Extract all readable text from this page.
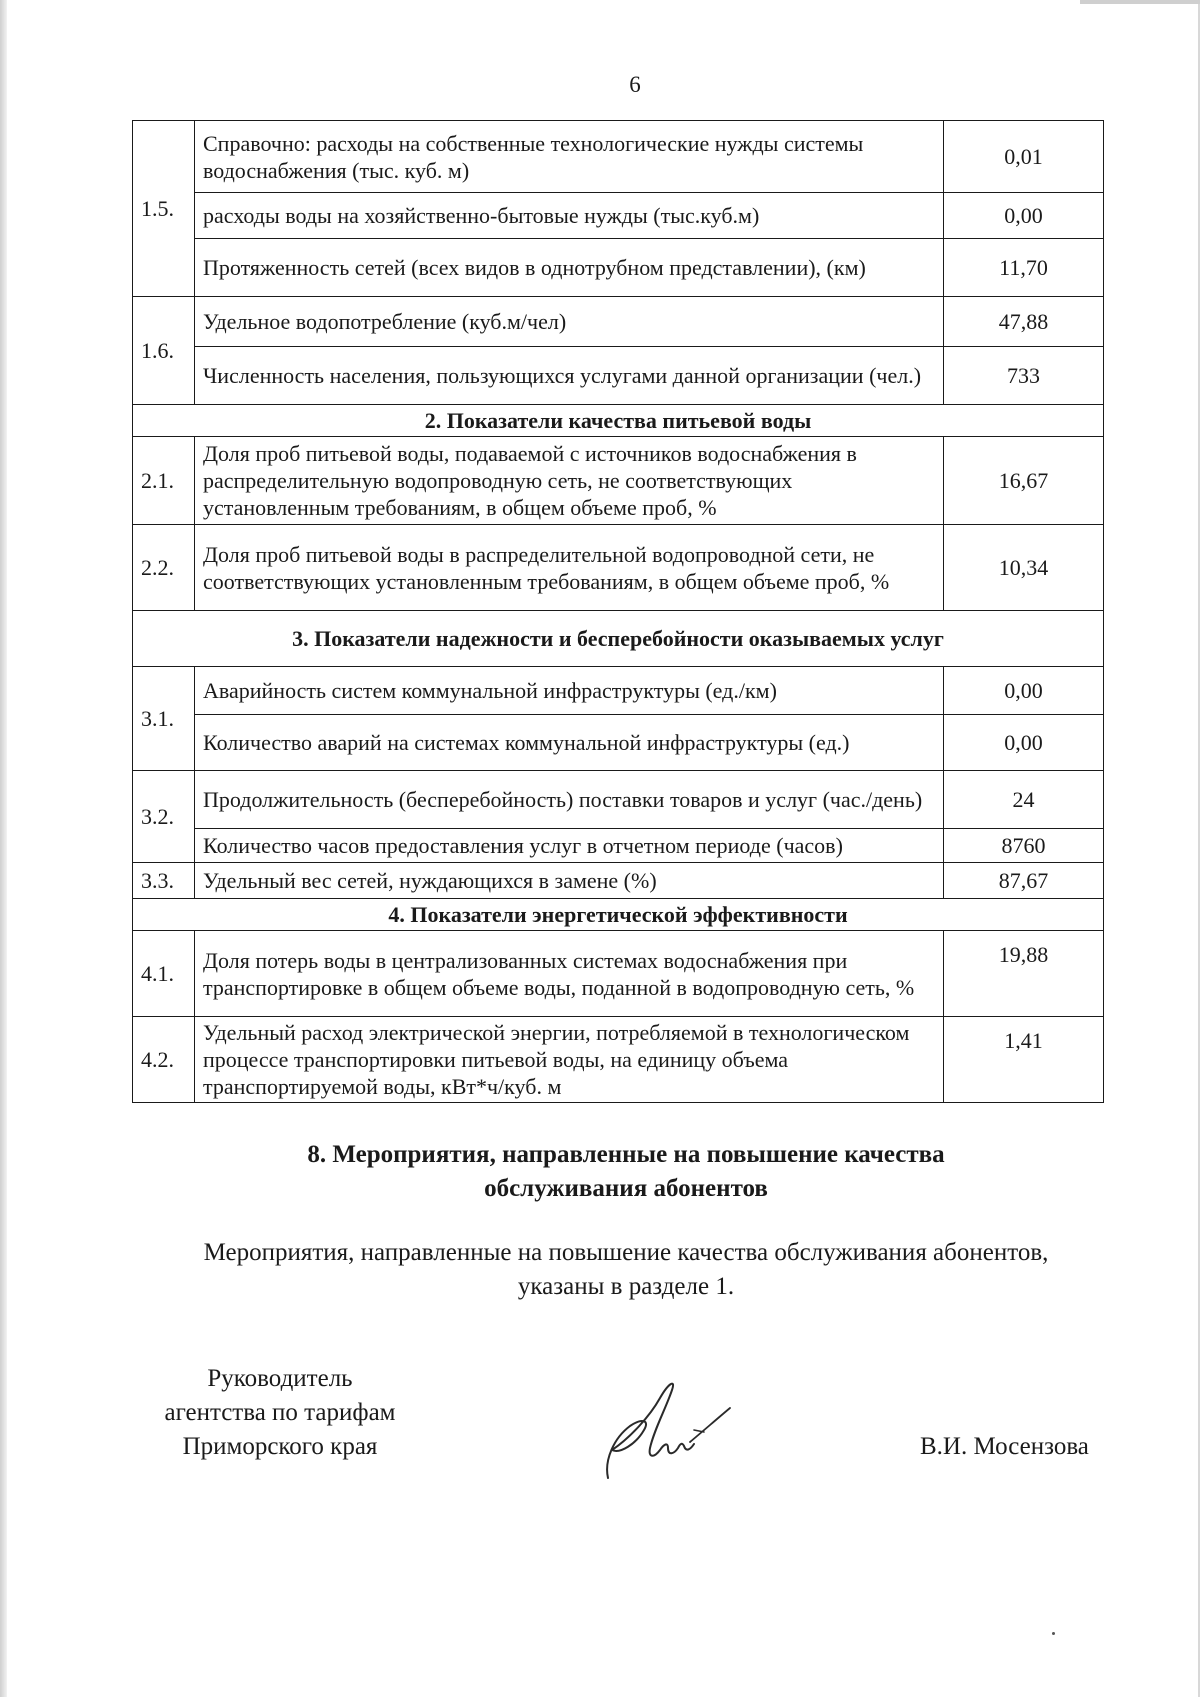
6
1.5.	Справочно: расходы на собственные технологические нужды системы водоснабжения (тыс. куб. м)	0,01
	расходы воды на хозяйственно-бытовые нужды (тыс.куб.м)	0,00
	Протяженность сетей (всех видов в однотрубном представлении), (км)	11,70
1.6.	Удельное водопотребление (куб.м/чел)	47,88
	Численность населения, пользующихся услугами данной организации (чел.)	733
2. Показатели качества питьевой воды		
2.1.	Доля проб питьевой воды, подаваемой с источников водоснабжения в распределительную водопроводную сеть, не соответствующих установленным требованиям, в общем объеме проб, %	16,67
2.2.	Доля проб питьевой воды в распределительной водопроводной сети, не соответствующих установленным требованиям, в общем объеме проб, %	10,34
3. Показатели надежности и бесперебойности оказываемых услуг		
3.1.	Аварийность систем коммунальной инфраструктуры (ед./км)	0,00
	Количество аварий на системах коммунальной инфраструктуры (ед.)	0,00
3.2.	Продолжительность (бесперебойность) поставки товаров и услуг (час./день)	24
	Количество часов предоставления услуг в отчетном периоде (часов)	8760
3.3.	Удельный вес сетей, нуждающихся в замене (%)	87,67
4. Показатели энергетической эффективности		
4.1.	Доля потерь воды в централизованных системах водоснабжения при транспортировке в общем объеме воды, поданной в водопроводную сеть, %	19,88
4.2.	Удельный расход электрической энергии, потребляемой в технологическом процессе транспортировки питьевой воды, на единицу объема транспортируемой воды, кВт*ч/куб. м	1,41
8. Мероприятия, направленные на повышение качества
обслуживания абонентов
Мероприятия, направленные на повышение качества обслуживания абонентов,
указаны в разделе 1.
Руководитель
агентства по тарифам
Приморского края	В.И. Мосензова
